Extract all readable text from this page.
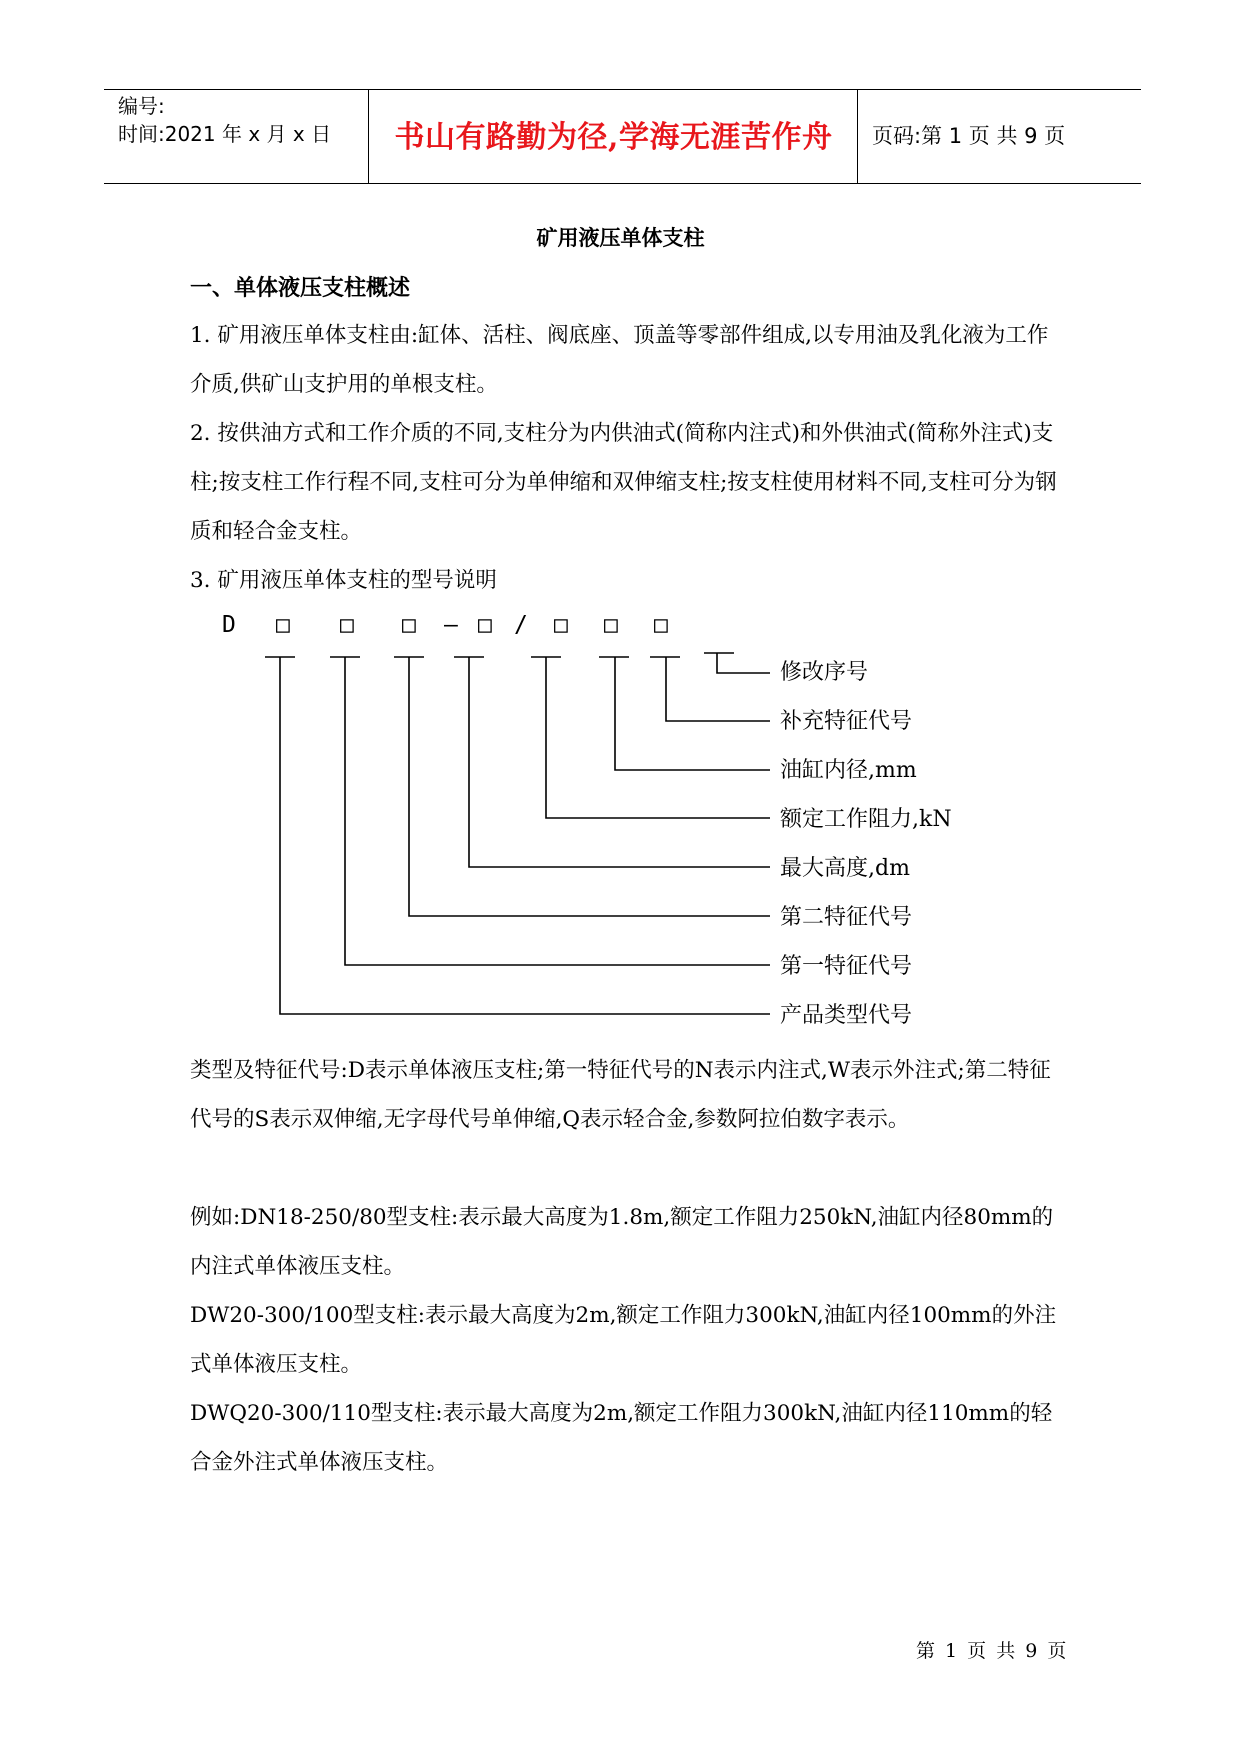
编号:
时间:2021 年 x 月 x 日	书山有路勤为径,学海无涯苦作舟	页码:第 1 页 共 9 页
矿用液压单体支柱
一、单体液压支柱概述

1. 矿用液压单体支柱由:缸体、活柱、阀底座、顶盖等零部件组成,以专用油及乳化液为工作介质,供矿山支护用的单根支柱。

2. 按供油方式和工作介质的不同,支柱分为内供油式(简称内注式)和外供油式(简称外注式)支柱;按支柱工作行程不同,支柱可分为单伸缩和双伸缩支柱;按支柱使用材料不同,支柱可分为钢质和轻合金支柱。

3. 矿用液压单体支柱的型号说明

D □ □ □ — □ / □ □ □
修改序号
补充特征代号
油缸内径,mm
额定工作阻力,kN
最大高度,dm
第二特征代号
第一特征代号
产品类型代号

类型及特征代号:D表示单体液压支柱;第一特征代号的N表示内注式,W表示外注式;第二特征代号的S表示双伸缩,无字母代号单伸缩,Q表示轻合金,参数阿拉伯数字表示。

例如:DN18-250/80型支柱:表示最大高度为1.8m,额定工作阻力250kN,油缸内径80mm的内注式单体液压支柱。

DW20-300/100型支柱:表示最大高度为2m,额定工作阻力300kN,油缸内径100mm的外注式单体液压支柱。

DWQ20-300/110型支柱:表示最大高度为2m,额定工作阻力300kN,油缸内径110mm的轻合金外注式单体液压支柱。

第 1 页 共 9 页
